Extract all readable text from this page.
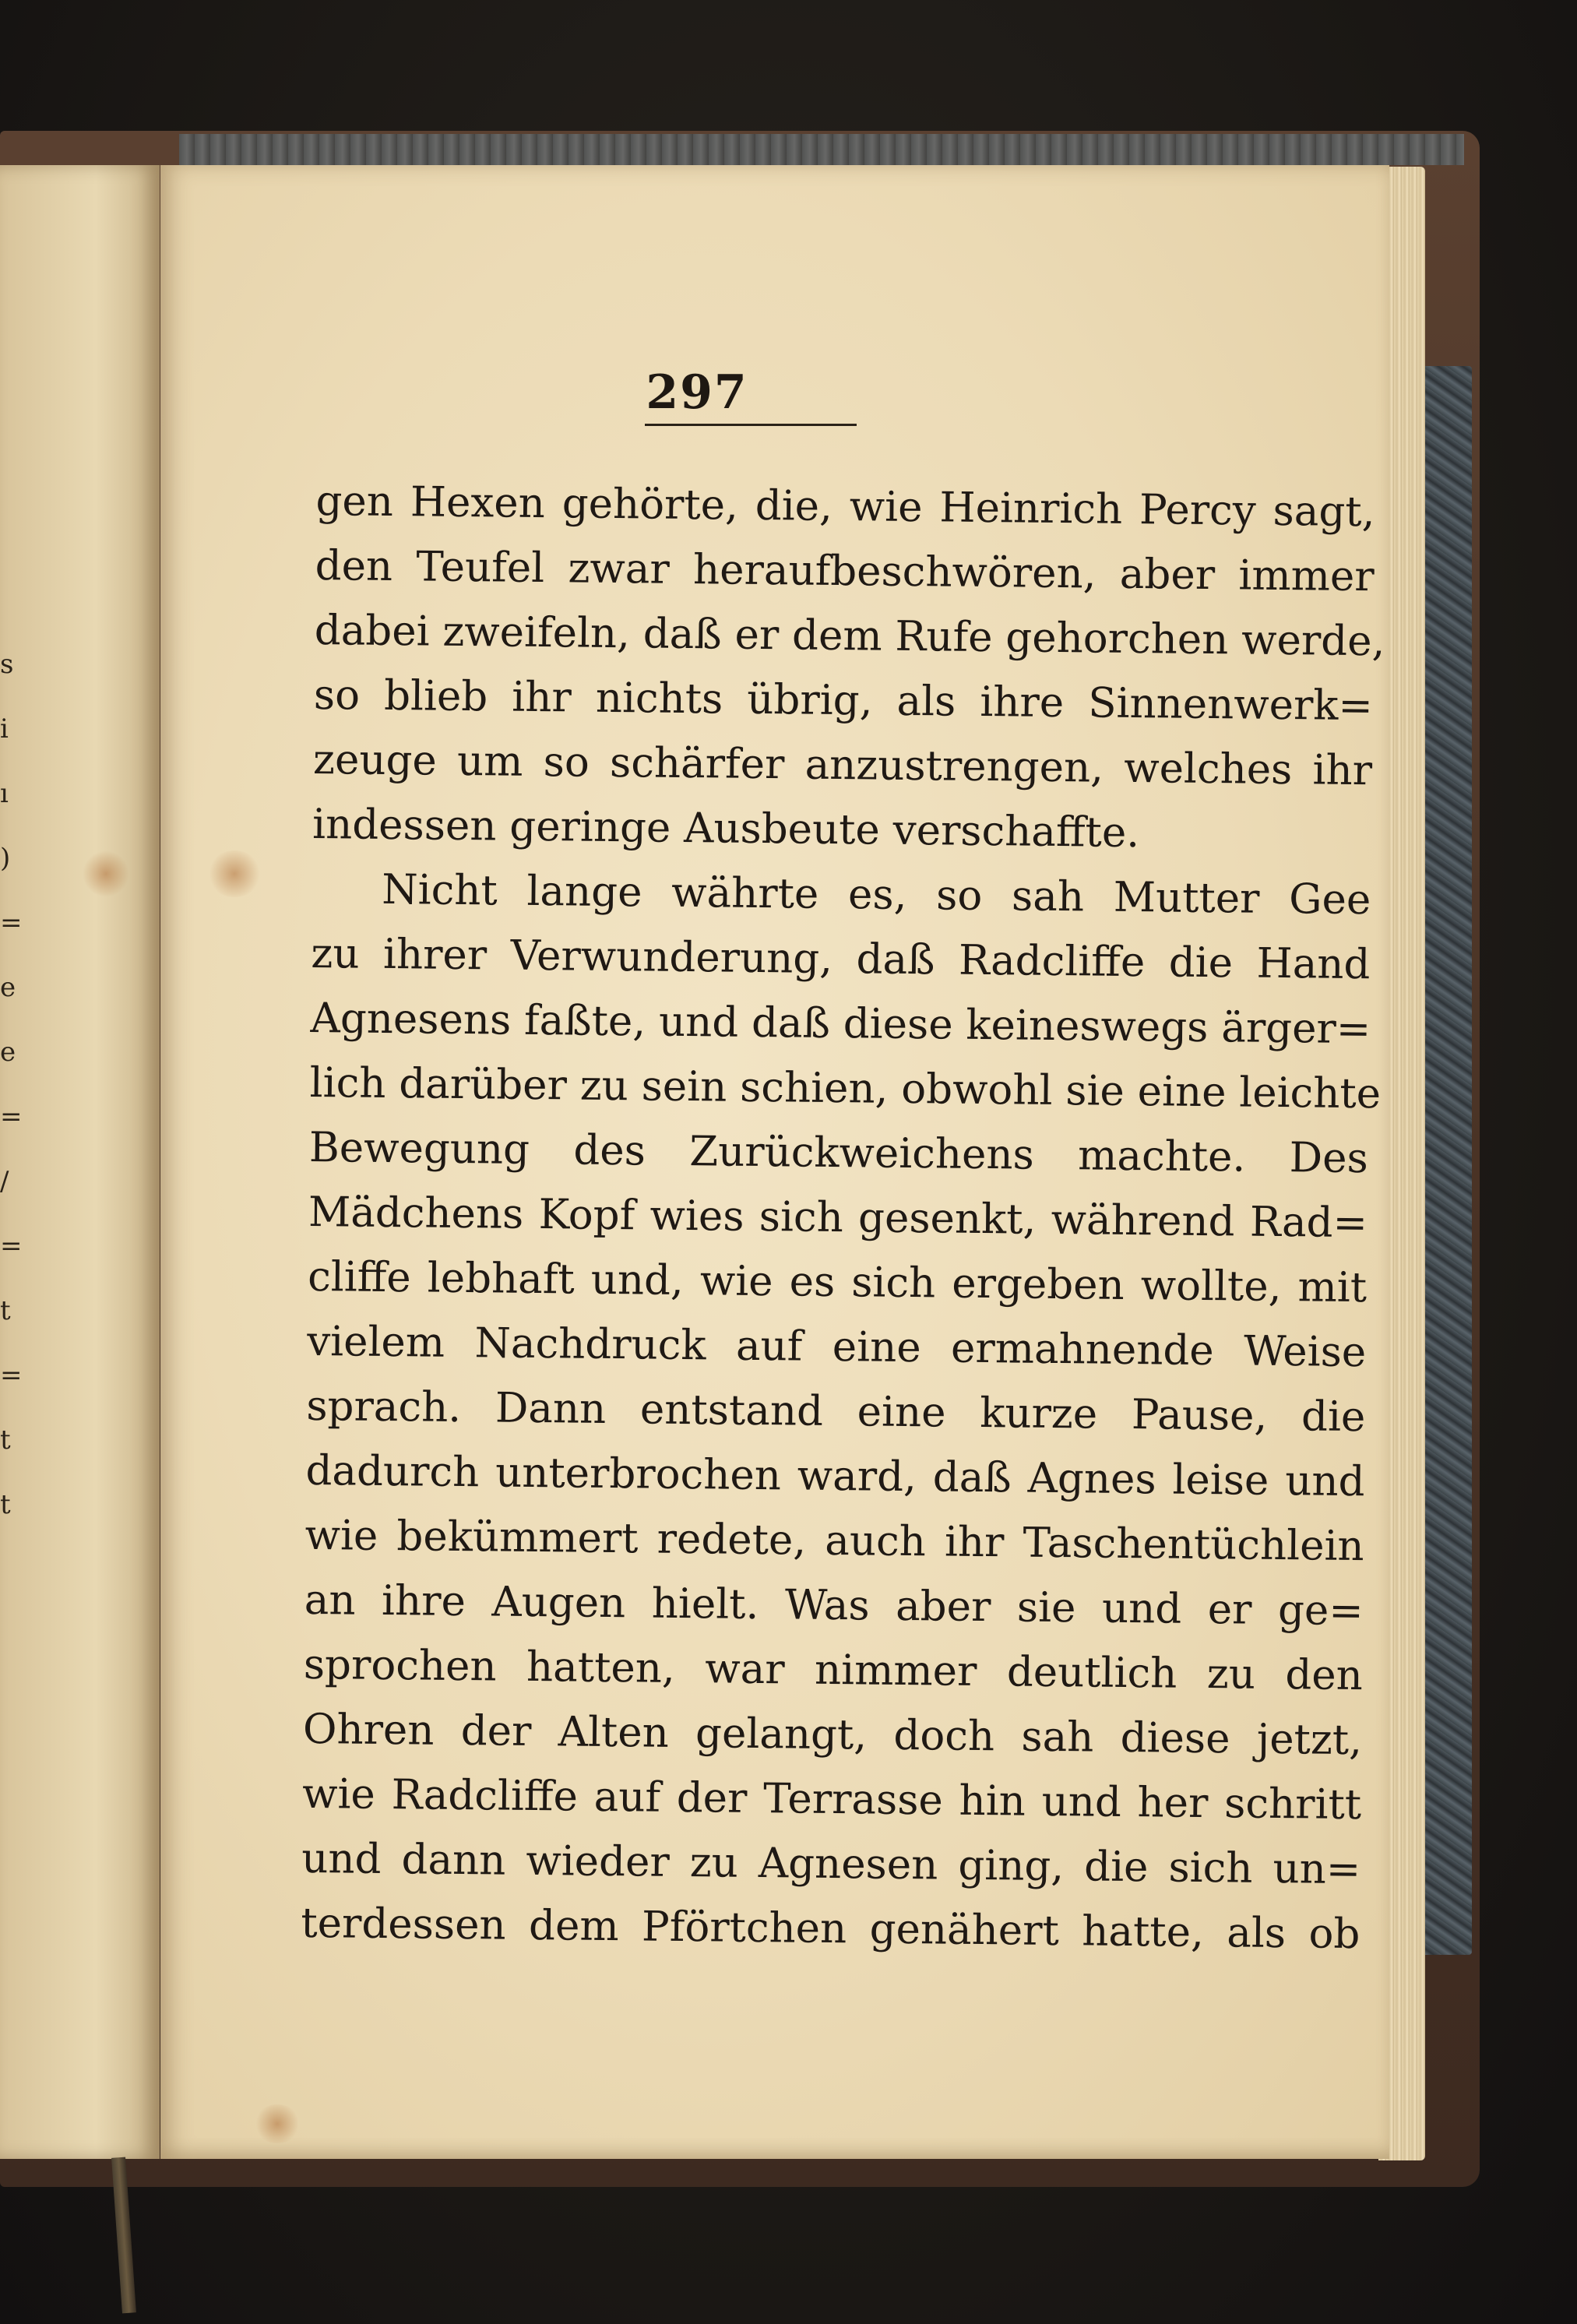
s
i
ı
)
=
e
e
=
/
=
t
=
t
t
297
gen Hexen gehörte, die, wie Heinrich Percy sagt,
den Teufel zwar heraufbeschwören, aber immer
dabei zweifeln, daß er dem Rufe gehorchen werde,
so blieb ihr nichts übrig, als ihre Sinnenwerk=
zeuge um so schärfer anzustrengen, welches ihr
indessen geringe Ausbeute verschaffte.
Nicht lange währte es, so sah Mutter Gee
zu ihrer Verwunderung, daß Radcliffe die Hand
Agnesens faßte, und daß diese keineswegs ärger=
lich darüber zu sein schien, obwohl sie eine leichte
Bewegung des Zurückweichens machte. Des
Mädchens Kopf wies sich gesenkt, während Rad=
cliffe lebhaft und, wie es sich ergeben wollte, mit
vielem Nachdruck auf eine ermahnende Weise
sprach. Dann entstand eine kurze Pause, die
dadurch unterbrochen ward, daß Agnes leise und
wie bekümmert redete, auch ihr Taschentüchlein
an ihre Augen hielt. Was aber sie und er ge=
sprochen hatten, war nimmer deutlich zu den
Ohren der Alten gelangt, doch sah diese jetzt,
wie Radcliffe auf der Terrasse hin und her schritt
und dann wieder zu Agnesen ging, die sich un=
terdessen dem Pförtchen genähert hatte, als ob
